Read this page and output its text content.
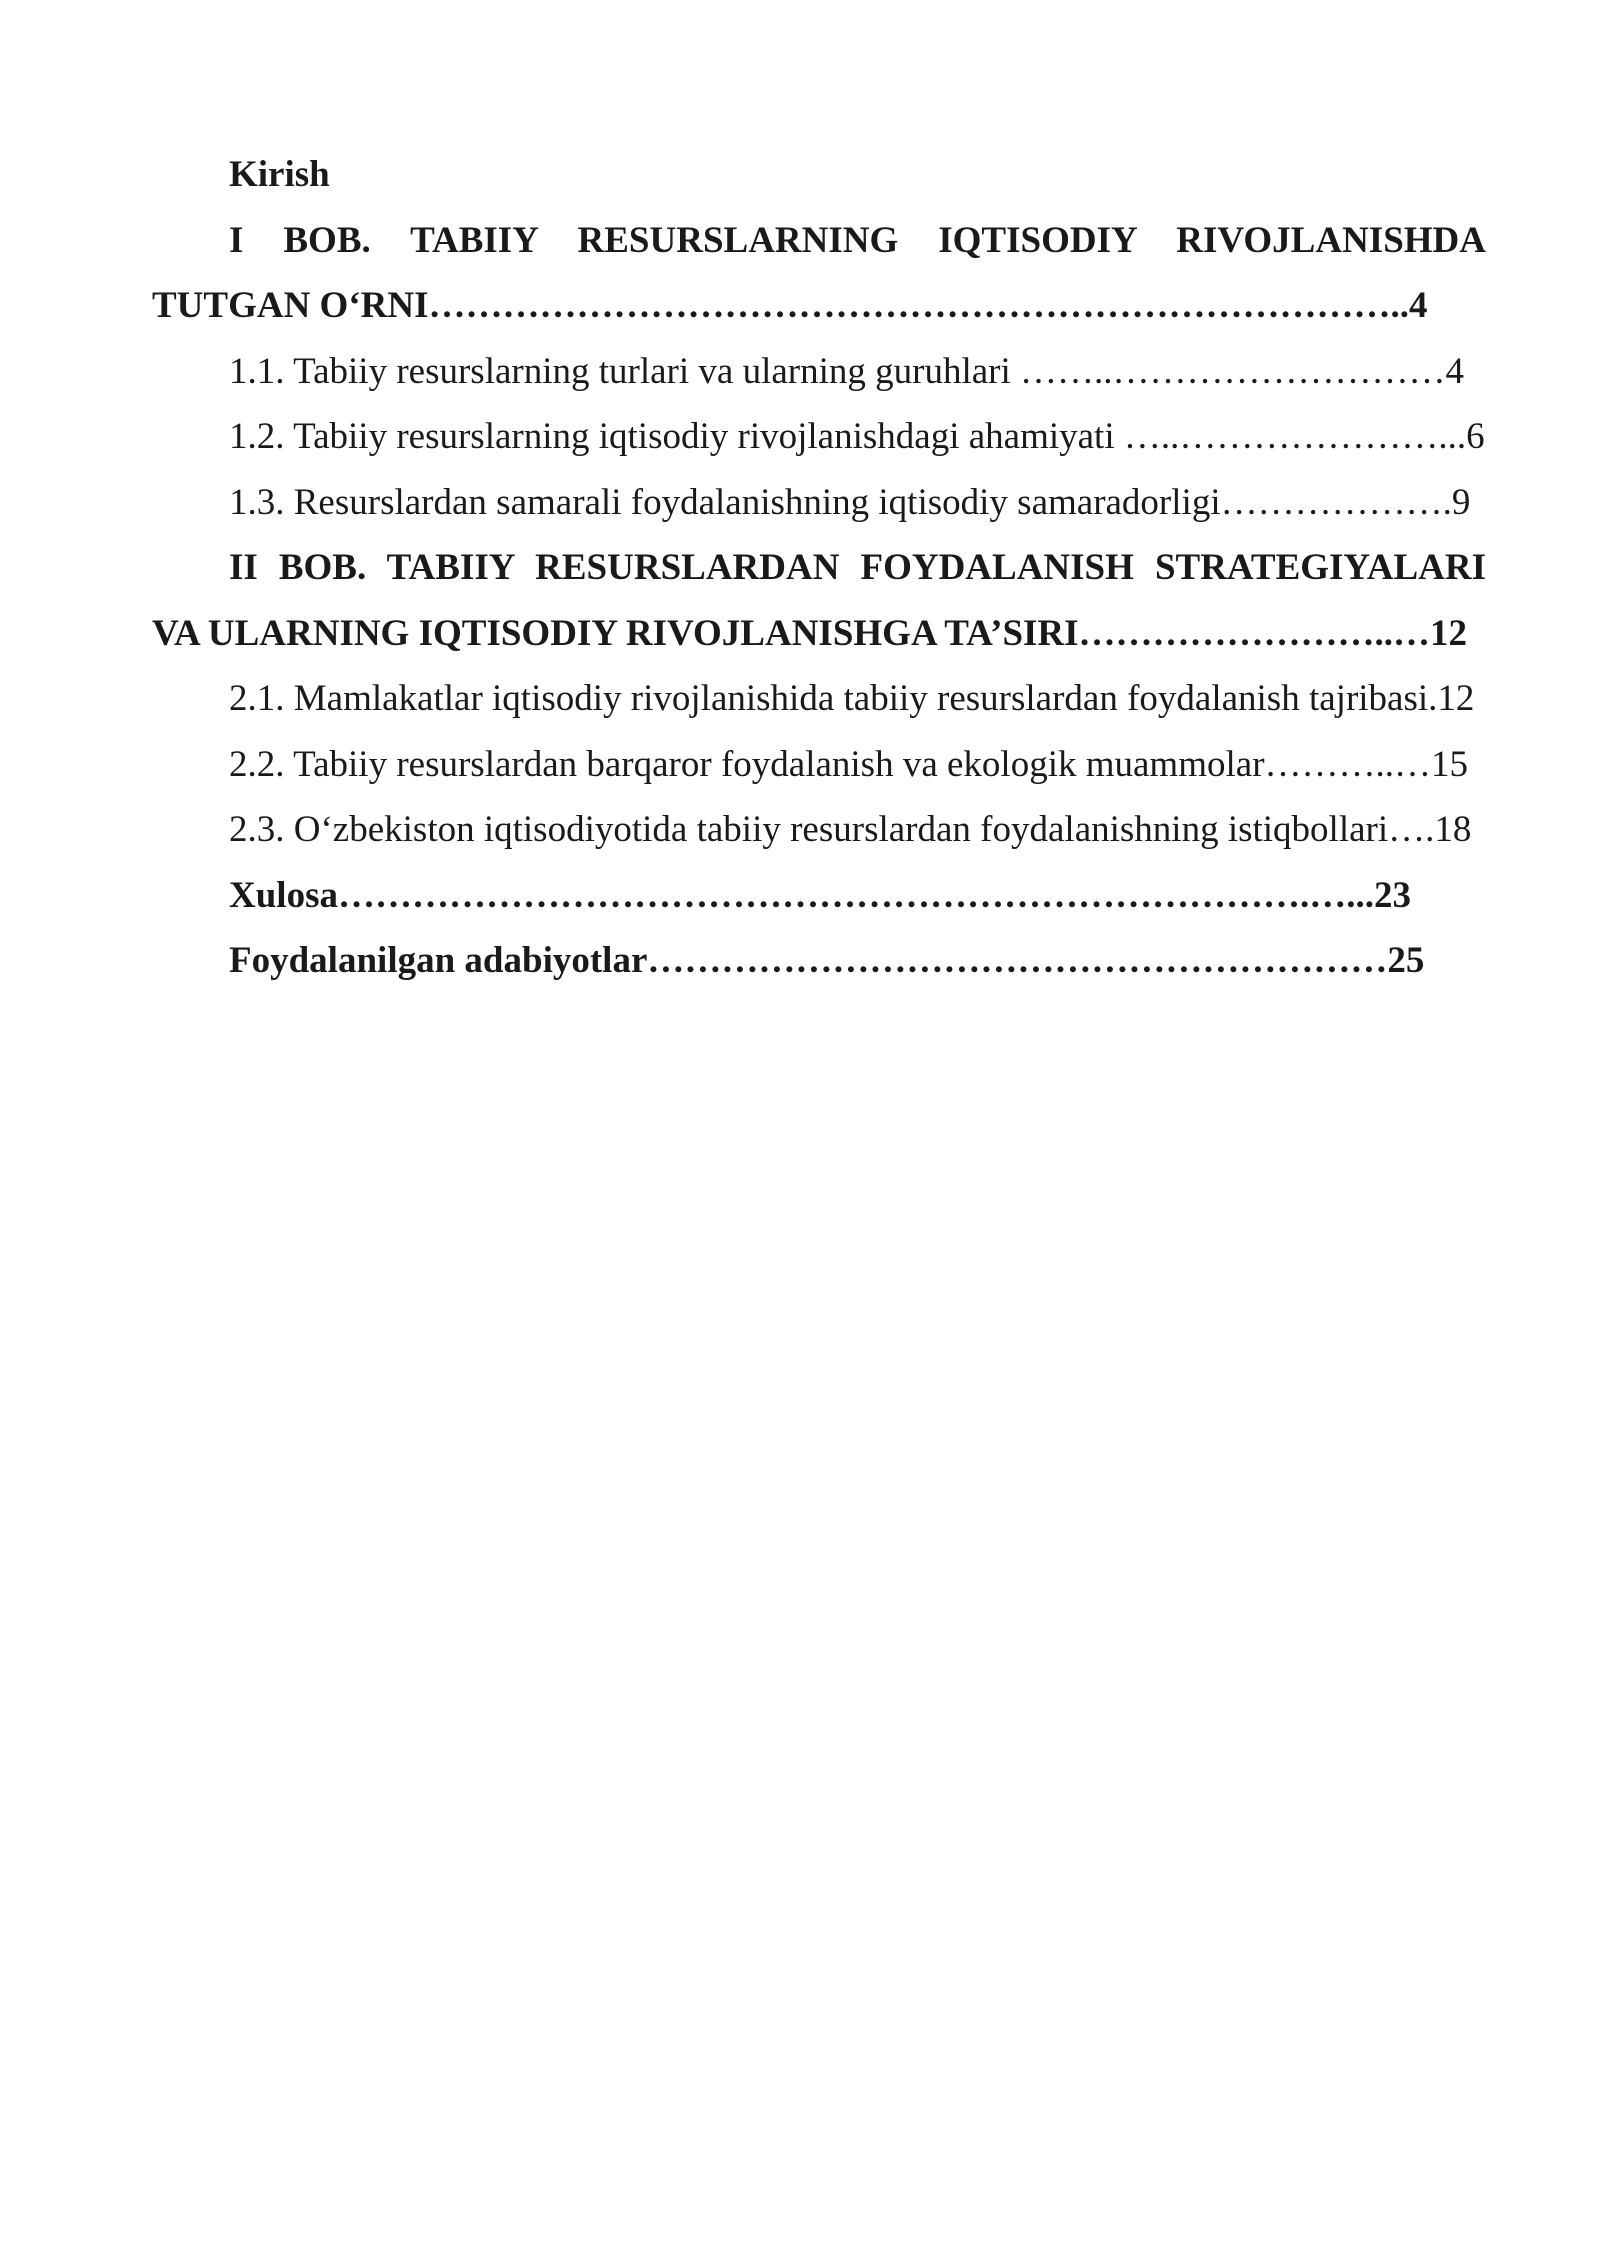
Kirish
I BOB. TABIIY RESURSLARNING IQTISODIY RIVOJLANISHDA
TUTGAN O‘RNI……………………………………………………………………..4
1.1. Tabiiy resurslarning turlari va ularning guruhlari ……..………………………4
1.2. Tabiiy resurslarning iqtisodiy rivojlanishdagi ahamiyati …..…………………...6
1.3. Resurslardan samarali foydalanishning iqtisodiy samaradorligi……………….9
II BOB. TABIIY RESURSLARDAN FOYDALANISH STRATEGIYALARI
VA ULARNING IQTISODIY RIVOJLANISHGA TA’SIRI……………………..…12
2.1. Mamlakatlar iqtisodiy rivojlanishida tabiiy resurslardan foydalanish tajribasi.12
2.2. Tabiiy resurslardan barqaror foydalanish va ekologik muammolar………..…15
2.3. O‘zbekiston iqtisodiyotida tabiiy resurslardan foydalanishning istiqbollari….18
Xulosa…………………………………………………………………….…...23
Foydalanilgan adabiyotlar……………………………………………………25
